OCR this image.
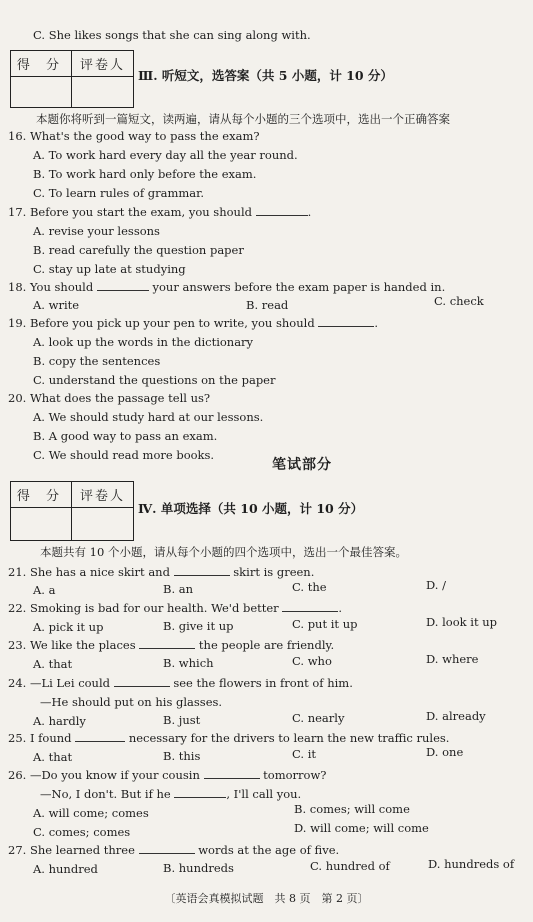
C. She likes songs that she can sing along with.
得 分	评卷人
Ⅲ. 听短文，选答案（共 5 小题，计 10 分）
本题你将听到一篇短文，读两遍，请从每个小题的三个选项中，选出一个正确答案
16. What's the good way to pass the exam?
A. To work hard every day all the year round.
B. To work hard only before the exam.
C. To learn rules of grammar.
17. Before you start the exam, you should	.
A. revise your lessons
B. read carefully the question paper
C. stay up late at studying
18. You should	your answers before the exam paper is handed in.
A. write	B. read	C. check
19. Before you pick up your pen to write, you should	.
A. look up the words in the dictionary
B. copy the sentences
C. understand the questions on the paper
20. What does the passage tell us?
A. We should study hard at our lessons.
B. A good way to pass an exam.
C. We should read more books.
笔试部分
得 分	评卷人
Ⅳ. 单项选择（共 10 小题，计 10 分）
本题共有 10 个小题，请从每个小题的四个选项中，选出一个最佳答案。
21. She has a nice skirt and	skirt is green.
A. a	B. an	C. the	D. /
22. Smoking is bad for our health. We'd better	.
A. pick it up	B. give it up	C. put it up	D. look it up
23. We like the places	the people are friendly.
A. that	B. which	C. who	D. where
24. —Li Lei could	see the flowers in front of him.
—He should put on his glasses.
A. hardly	B. just	C. nearly	D. already
25. I found	necessary for the drivers to learn the new traffic rules.
A. that	B. this	C. it	D. one
26. —Do you know if your cousin	tomorrow?
—No, I don't. But if he	, I'll call you.
A. will come; comes	B. comes; will come
C. comes; comes	D. will come; will come
27. She learned three	words at the age of five.
A. hundred	B. hundreds	C. hundred of	D. hundreds of
〔英语会真模拟试题　共 8 页　第 2 页〕
